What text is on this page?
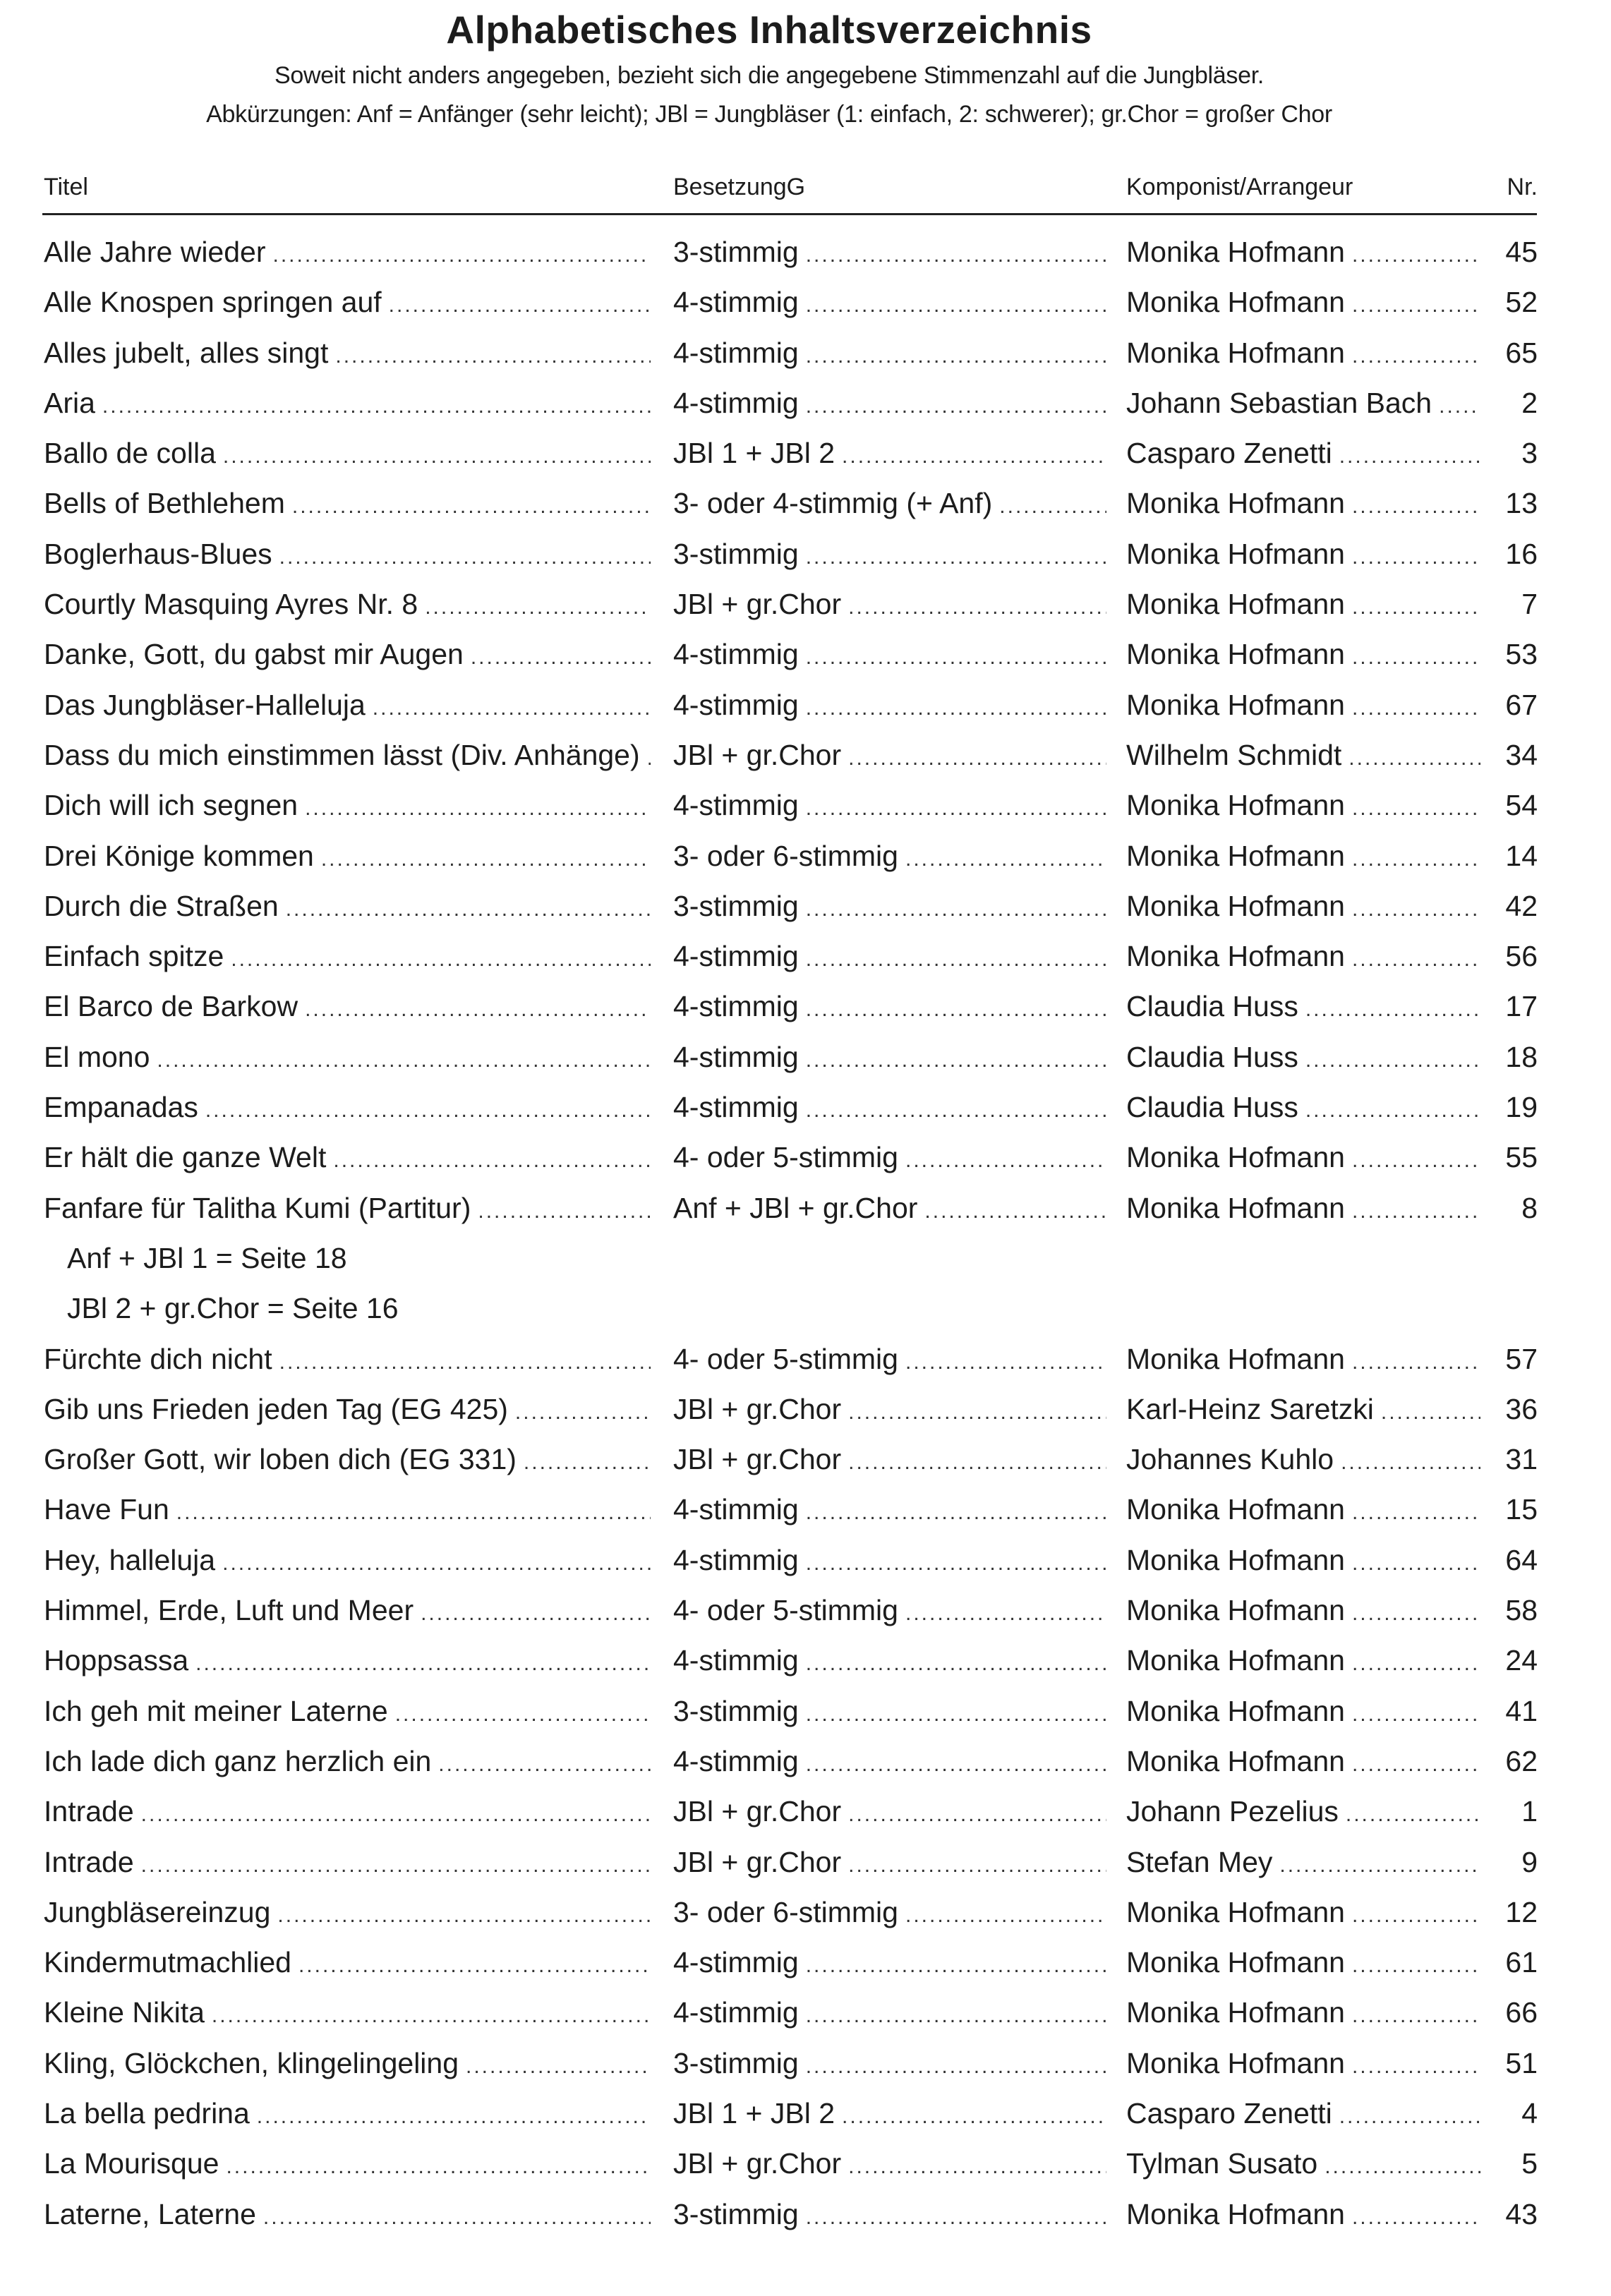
Alphabetisches Inhaltsverzeichnis
Soweit nicht anders angegeben, bezieht sich die angegebene Stimmenzahl auf die Jungbläser.
Abkürzungen: Anf = Anfänger (sehr leicht); JBl = Jungbläser (1: einfach, 2: schwerer); gr.Chor = großer Chor
Titel	BesetzungG	Komponist/Arrangeur	Nr.
Alle Jahre wieder .....	3-stimmig .....	Monika Hofmann .....	45
Alle Knospen springen auf .....	4-stimmig .....	Monika Hofmann .....	52
Alles jubelt, alles singt .....	4-stimmig .....	Monika Hofmann .....	65
Aria .....	4-stimmig .....	Johann Sebastian Bach .....	2
Ballo de colla .....	JBl 1 + JBl 2 .....	Casparo Zenetti .....	3
Bells of Bethlehem .....	3- oder 4-stimmig (+ Anf) .....	Monika Hofmann .....	13
Boglerhaus-Blues .....	3-stimmig .....	Monika Hofmann .....	16
Courtly Masquing Ayres Nr. 8 .....	JBl + gr.Chor .....	Monika Hofmann .....	7
Danke, Gott, du gabst mir Augen .....	4-stimmig .....	Monika Hofmann .....	53
Das Jungbläser-Halleluja .....	4-stimmig .....	Monika Hofmann .....	67
Dass du mich einstimmen lässt (Div. Anhänge) ..... JBl + gr.Chor .....	Wilhelm Schmidt .....	34
Dich will ich segnen .....	4-stimmig .....	Monika Hofmann .....	54
Drei Könige kommen .....	3- oder 6-stimmig .....	Monika Hofmann .....	14
Durch die Straßen .....	3-stimmig .....	Monika Hofmann .....	42
Einfach spitze .....	4-stimmig .....	Monika Hofmann .....	56
El Barco de Barkow .....	4-stimmig .....	Claudia Huss .....	17
El mono .....	4-stimmig .....	Claudia Huss .....	18
Empanadas .....	4-stimmig .....	Claudia Huss .....	19
Er hält die ganze Welt .....	4- oder 5-stimmig .....	Monika Hofmann .....	55
Fanfare für Talitha Kumi (Partitur) .....	Anf + JBl + gr.Chor .....	Monika Hofmann .....	8
Anf + JBl 1 = Seite 18
JBl 2 + gr.Chor = Seite 16
Fürchte dich nicht .....	4- oder 5-stimmig .....	Monika Hofmann .....	57
Gib uns Frieden jeden Tag (EG 425) .....	JBl + gr.Chor .....	Karl-Heinz Saretzki .....	36
Großer Gott, wir loben dich (EG 331) .....	JBl + gr.Chor .....	Johannes Kuhlo .....	31
Have Fun .....	4-stimmig .....	Monika Hofmann .....	15
Hey, halleluja .....	4-stimmig .....	Monika Hofmann .....	64
Himmel, Erde, Luft und Meer .....	4- oder 5-stimmig .....	Monika Hofmann .....	58
Hoppsassa .....	4-stimmig .....	Monika Hofmann .....	24
Ich geh mit meiner Laterne .....	3-stimmig .....	Monika Hofmann .....	41
Ich lade dich ganz herzlich ein .....	4-stimmig .....	Monika Hofmann .....	62
Intrade .....	JBl + gr.Chor .....	Johann Pezelius .....	1
Intrade .....	JBl + gr.Chor .....	Stefan Mey .....	9
Jungbläsereinzug .....	3- oder 6-stimmig .....	Monika Hofmann .....	12
Kindermutmachlied .....	4-stimmig .....	Monika Hofmann .....	61
Kleine Nikita .....	4-stimmig .....	Monika Hofmann .....	66
Kling, Glöckchen, klingelingeling .....	3-stimmig .....	Monika Hofmann .....	51
La bella pedrina .....	JBl 1 + JBl 2 .....	Casparo Zenetti .....	4
La Mourisque .....	JBl + gr.Chor .....	Tylman Susato .....	5
Laterne, Laterne .....	3-stimmig .....	Monika Hofmann .....	43
